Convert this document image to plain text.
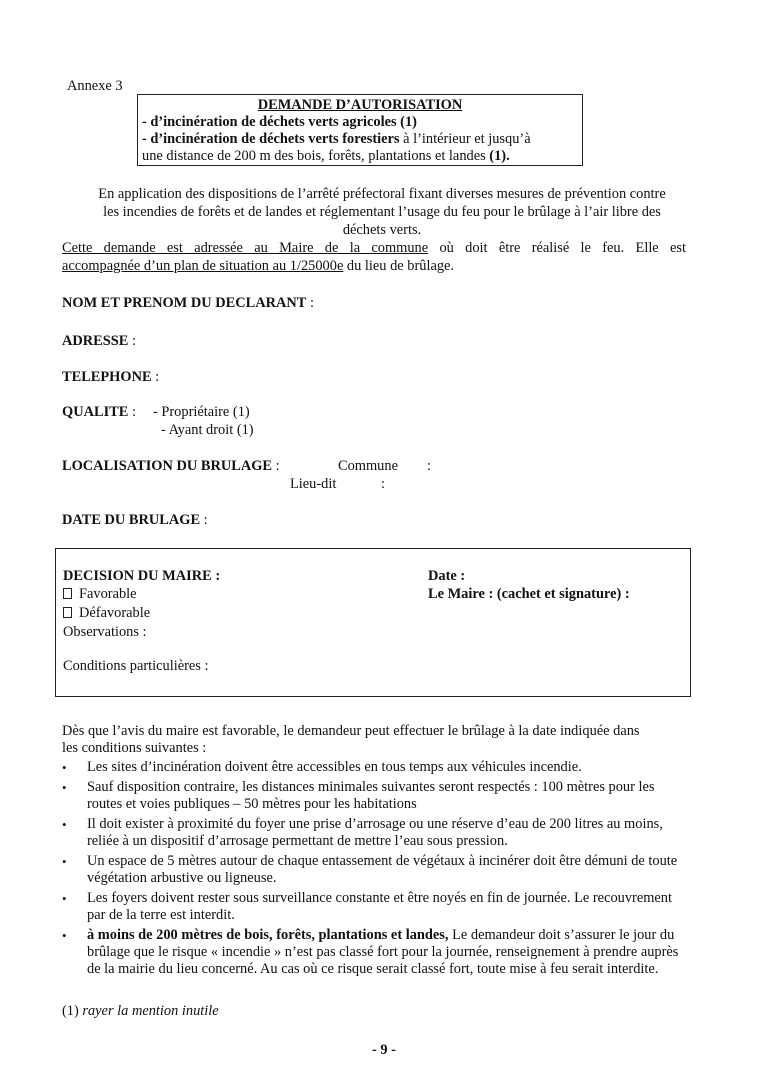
Annexe 3
DEMANDE D’AUTORISATION
- d’incinération de déchets verts agricoles (1)
- d’incinération de déchets verts forestiers à l’intérieur et jusqu’à
une distance de 200 m des bois, forêts, plantations et landes (1).
En application des dispositions de l’arrêté préfectoral fixant diverses mesures de prévention contre
les incendies de forêts et de landes et réglementant l’usage du feu pour le brûlage à l’air libre des
déchets verts.
Cette demande est adressée au Maire de la commune où doit être réalisé le feu. Elle est
accompagnée d’un plan de situation au 1/25000e du lieu de brûlage.
NOM ET PRENOM DU DECLARANT :
ADRESSE :
TELEPHONE :
QUALITE : - Propriétaire (1)
- Ayant droit (1)
LOCALISATION DU BRULAGE :	Commune :
Lieu-dit	:
DATE DU BRULAGE :
DECISION DU MAIRE :
Favorable
Défavorable
Observations :
Conditions particulières :
Date :
Le Maire : (cachet et signature) :
Dès que l’avis du maire est favorable, le demandeur peut effectuer le brûlage à la date indiquée dans
les conditions suivantes :
• Les sites d’incinération doivent être accessibles en tous temps aux véhicules incendie.
• Sauf disposition contraire, les distances minimales suivantes seront respectés : 100 mètres pour les routes et voies publiques – 50 mètres pour les habitations
• Il doit exister à proximité du foyer une prise d’arrosage ou une réserve d’eau de 200 litres au moins, reliée à un dispositif d’arrosage permettant de mettre l’eau sous pression.
• Un espace de 5 mètres autour de chaque entassement de végétaux à incinérer doit être démuni de toute végétation arbustive ou ligneuse.
• Les foyers doivent rester sous surveillance constante et être noyés en fin de journée. Le recouvrement par de la terre est interdit.
• à moins de 200 mètres de bois, forêts, plantations et landes, Le demandeur doit s’assurer le jour du brûlage que le risque « incendie » n’est pas classé fort pour la journée, renseignement à prendre auprès de la mairie du lieu concerné. Au cas où ce risque serait classé fort, toute mise à feu serait interdite.
(1) rayer la mention inutile
- 9 -
